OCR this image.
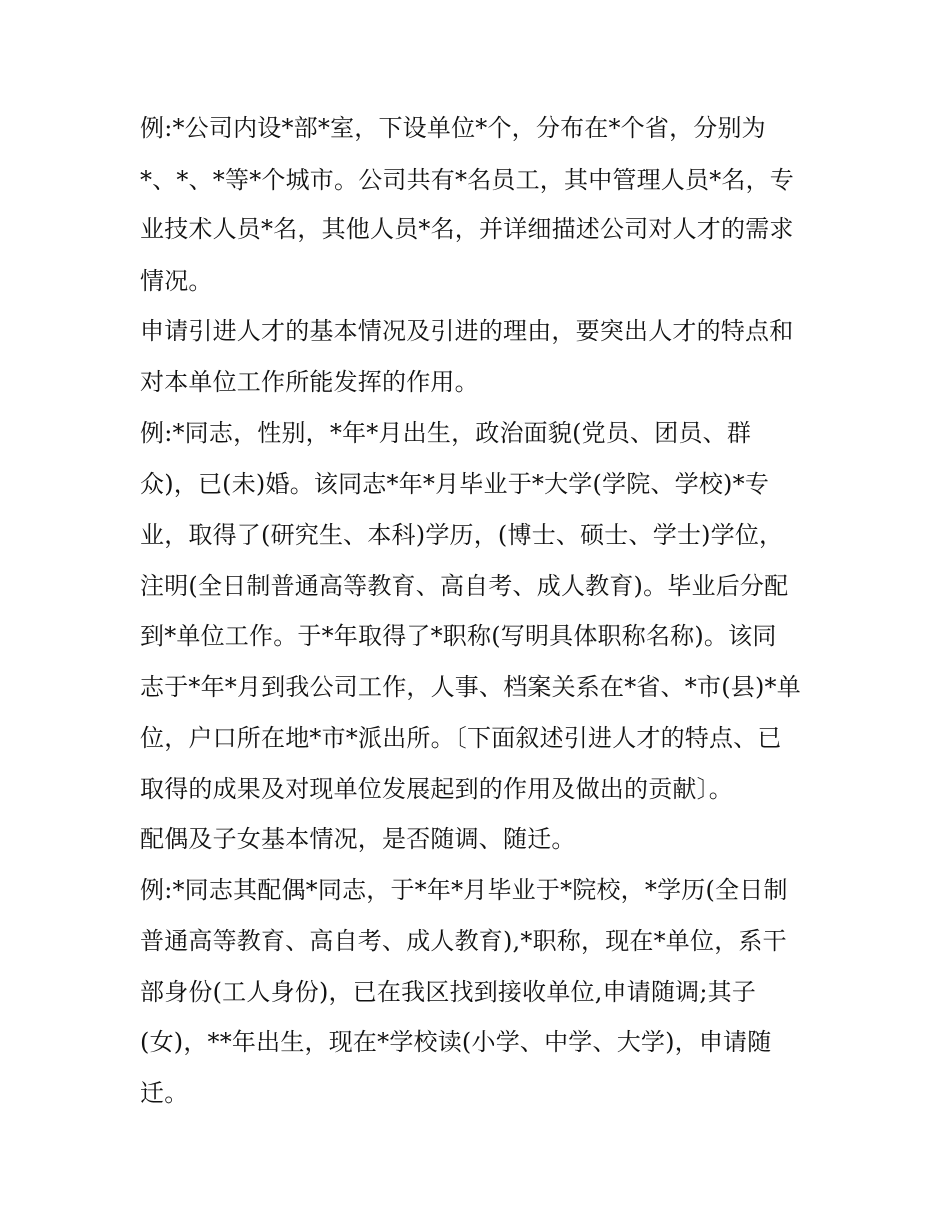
例:*公司内设*部*室，下设单位*个，分布在*个省，分别为
*、*、*等*个城市。公司共有*名员工，其中管理人员*名，专
业技术人员*名，其他人员*名，并详细描述公司对人才的需求
情况。
申请引进人才的基本情况及引进的理由，要突出人才的特点和
对本单位工作所能发挥的作用。
例:*同志，性别，*年*月出生，政治面貌(党员、团员、群
众)，已(未)婚。该同志*年*月毕业于*大学(学院、学校)*专
业，取得了(研究生、本科)学历，(博士、硕士、学士)学位，
注明(全日制普通高等教育、高自考、成人教育)。毕业后分配
到*单位工作。于*年取得了*职称(写明具体职称名称)。该同
志于*年*月到我公司工作，人事、档案关系在*省、*市(县)*单
位，户口所在地*市*派出所。〔下面叙述引进人才的特点、已
取得的成果及对现单位发展起到的作用及做出的贡献〕。
配偶及子女基本情况，是否随调、随迁。
例:*同志其配偶*同志，于*年*月毕业于*院校，*学历(全日制
普通高等教育、高自考、成人教育),*职称，现在*单位，系干
部身份(工人身份)，已在我区找到接收单位,申请随调;其子
(女)，**年出生，现在*学校读(小学、中学、大学)，申请随
迁。
